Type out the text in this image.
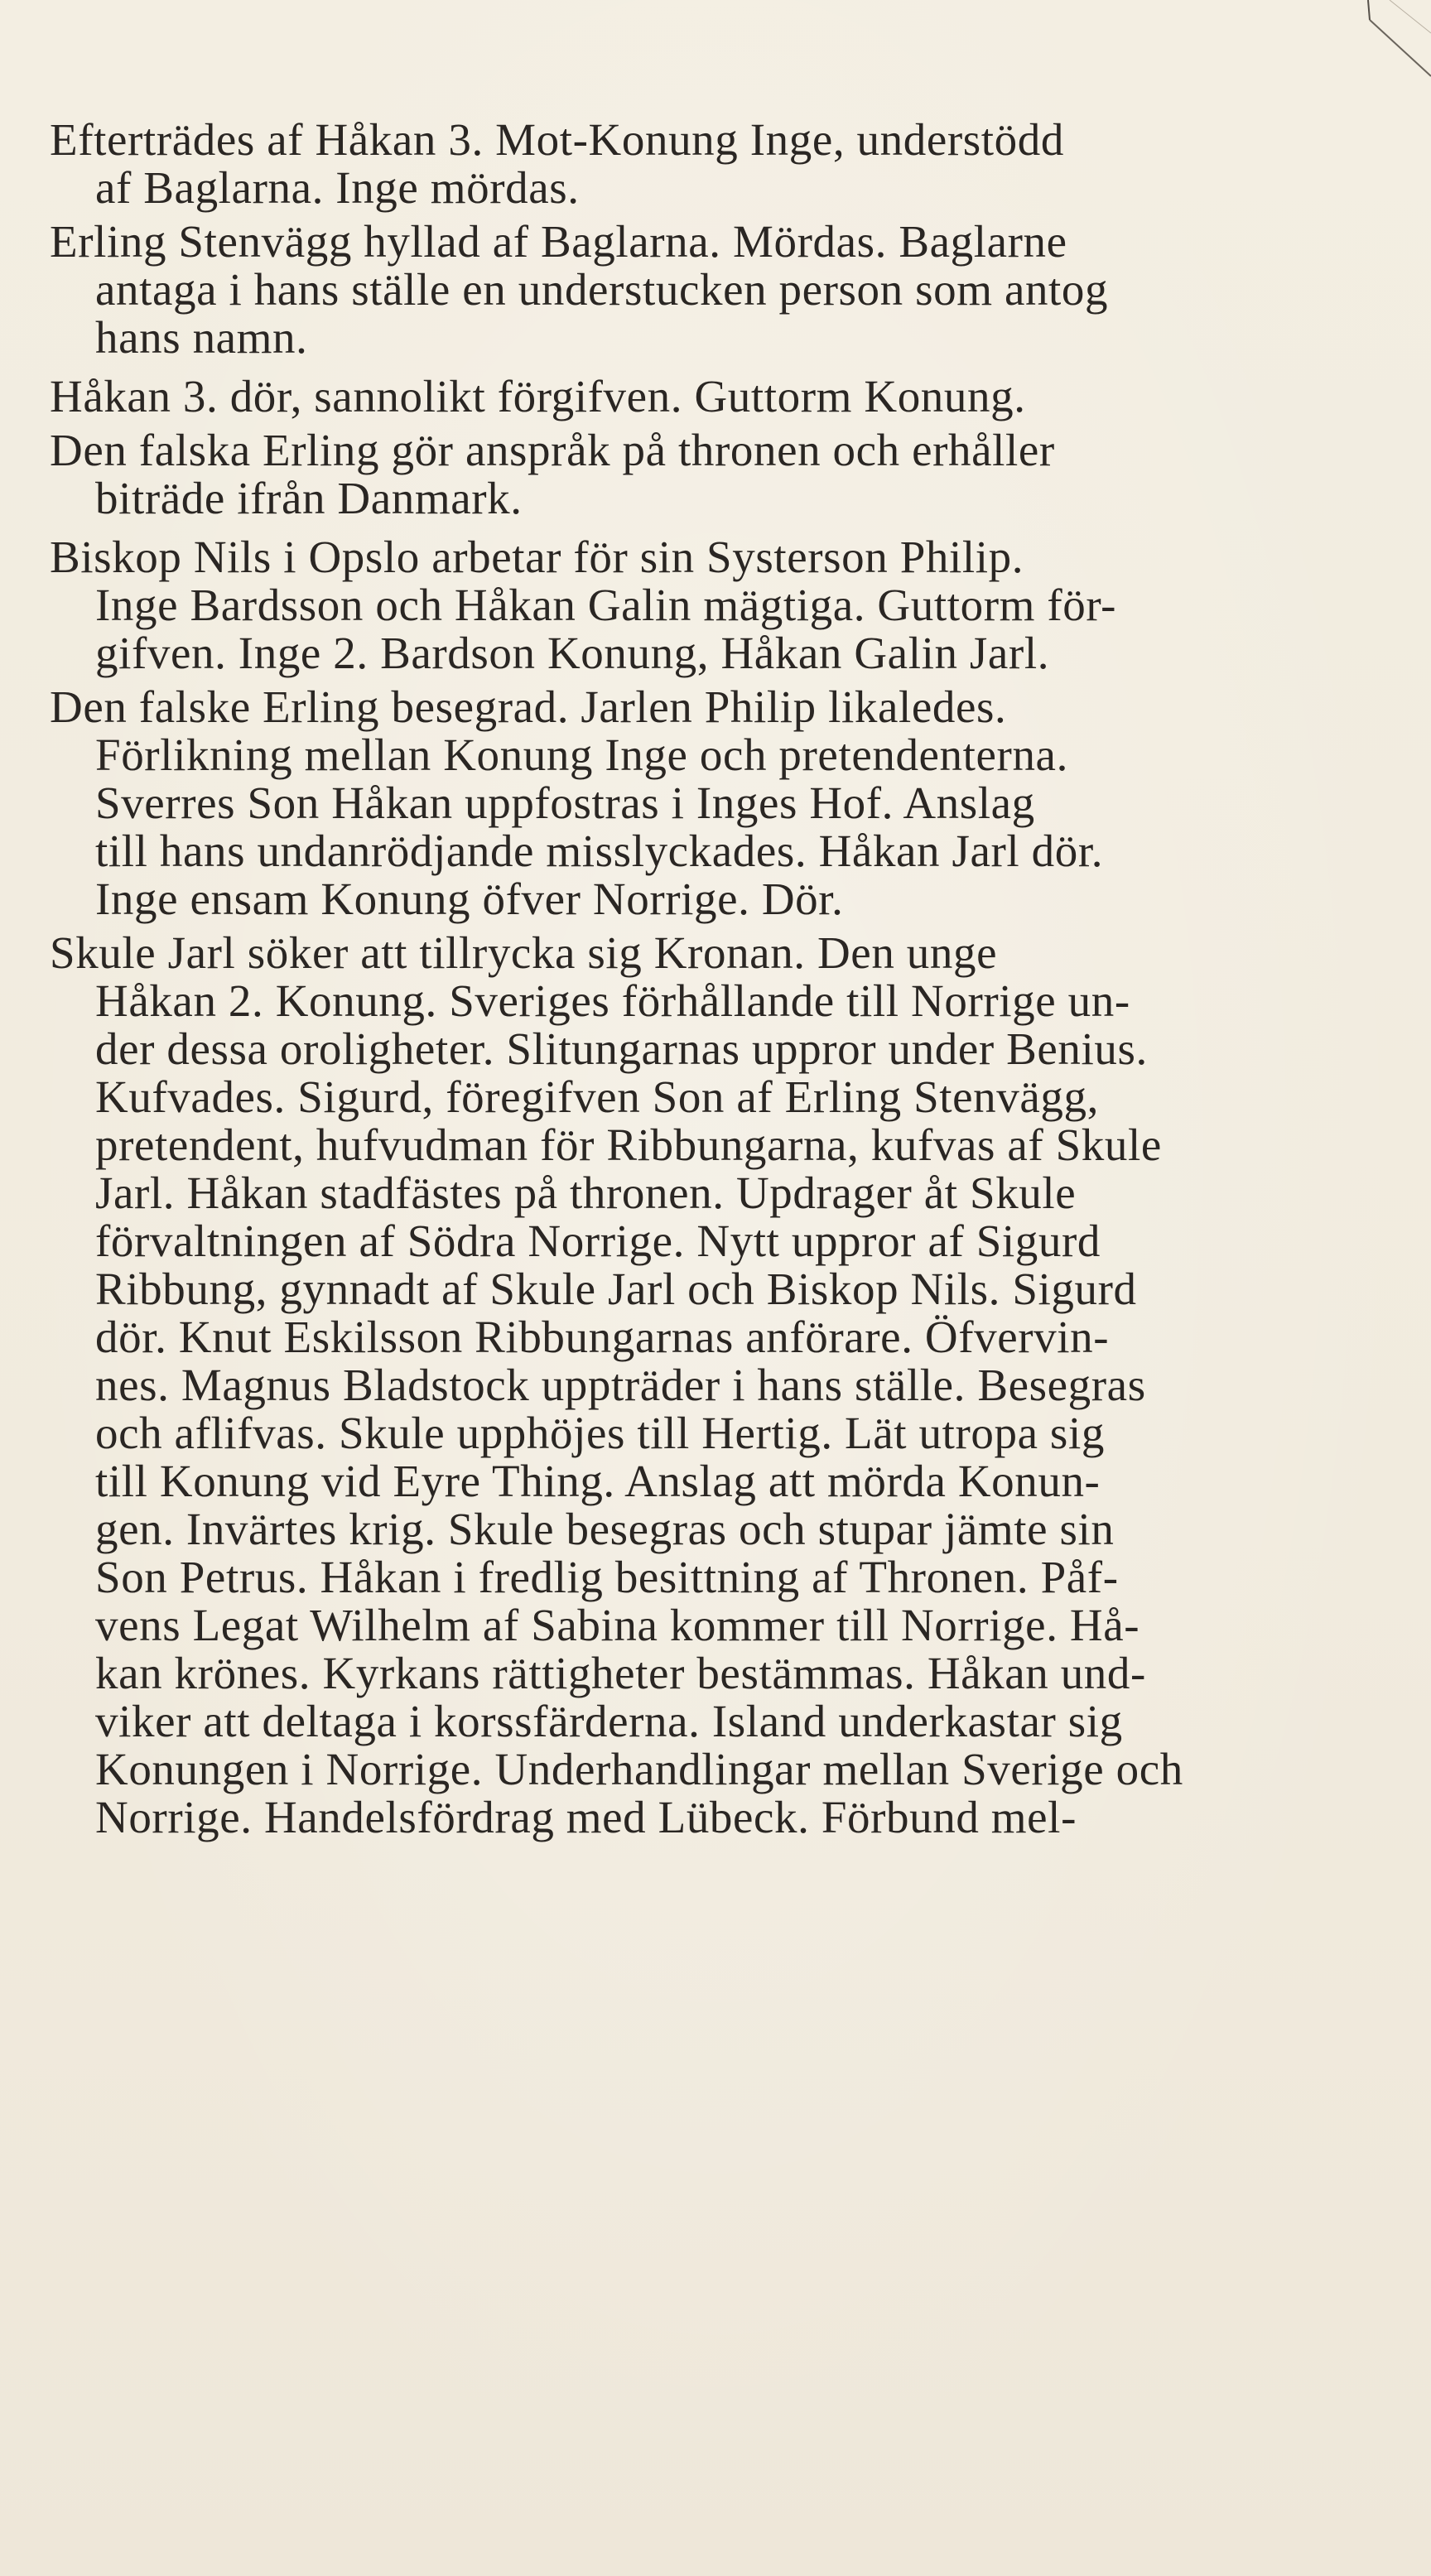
Efterträdes af Håkan 3. Mot-Konung Inge, understödd
af Baglarna. Inge mördas.
Erling Stenvägg hyllad af Baglarna. Mördas. Baglarne
antaga i hans ställe en understucken person som antog
hans namn.
Håkan 3. dör, sannolikt förgifven. Guttorm Konung.
Den falska Erling gör anspråk på thronen och erhåller
biträde ifrån Danmark.
Biskop Nils i Opslo arbetar för sin Systerson Philip.
Inge Bardsson och Håkan Galin mägtiga. Guttorm för-
gifven. Inge 2. Bardson Konung, Håkan Galin Jarl.
Den falske Erling besegrad. Jarlen Philip likaledes.
Förlikning mellan Konung Inge och pretendenterna.
Sverres Son Håkan uppfostras i Inges Hof. Anslag
till hans undanrödjande misslyckades. Håkan Jarl dör.
Inge ensam Konung öfver Norrige. Dör.
Skule Jarl söker att tillrycka sig Kronan. Den unge
Håkan 2. Konung. Sveriges förhållande till Norrige un-
der dessa oroligheter. Slitungarnas uppror under Benius.
Kufvades. Sigurd, föregifven Son af Erling Stenvägg,
pretendent, hufvudman för Ribbungarna, kufvas af Skule
Jarl. Håkan stadfästes på thronen. Updrager åt Skule
förvaltningen af Södra Norrige. Nytt uppror af Sigurd
Ribbung, gynnadt af Skule Jarl och Biskop Nils. Sigurd
dör. Knut Eskilsson Ribbungarnas anförare. Öfvervin-
nes. Magnus Bladstock uppträder i hans ställe. Besegras
och aflifvas. Skule upphöjes till Hertig. Lät utropa sig
till Konung vid Eyre Thing. Anslag att mörda Konun-
gen. Invärtes krig. Skule besegras och stupar jämte sin
Son Petrus. Håkan i fredlig besittning af Thronen. Påf-
vens Legat Wilhelm af Sabina kommer till Norrige. Hå-
kan krönes. Kyrkans rättigheter bestämmas. Håkan und-
viker att deltaga i korssfärderna. Island underkastar sig
Konungen i Norrige. Underhandlingar mellan Sverige och
Norrige. Handelsfördrag med Lübeck. Förbund mel-
